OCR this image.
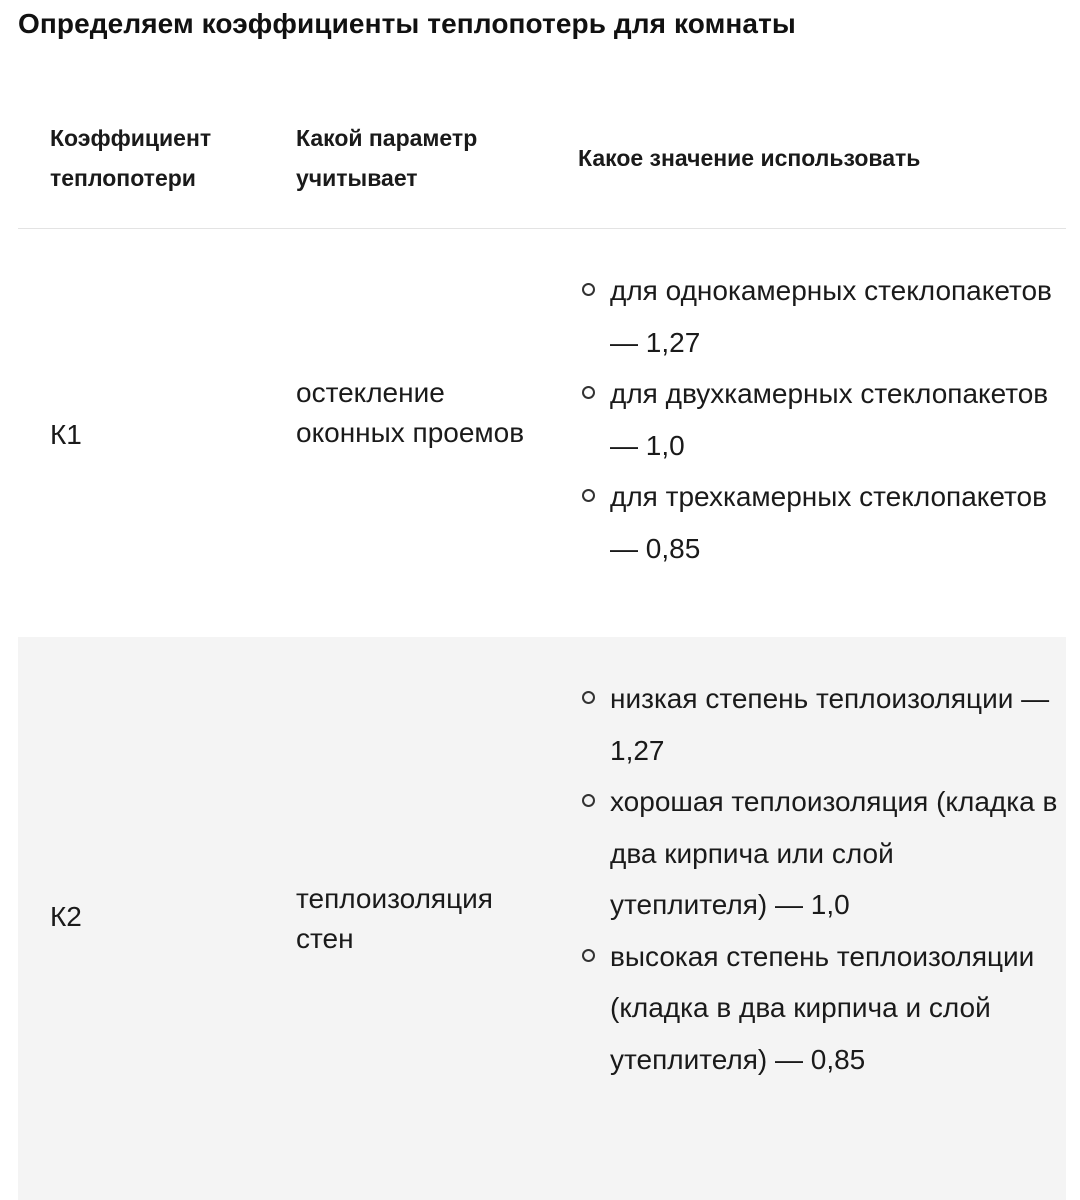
Определяем коэффициенты теплопотерь для комнаты
Коэффициент теплопотери
Какой параметр учитывает
Какое значение использовать
К1
остекление оконных проемов
для однокамерных стеклопакетов — 1,27
для двухкамерных стеклопакетов — 1,0
для трехкамерных стеклопакетов — 0,85
К2
теплоизоляция стен
низкая степень теплоизоляции — 1,27
хорошая теплоизоляция (кладка в два кирпича или слой утеплителя) — 1,0
высокая степень теплоизоляции (кладка в два кирпича и слой утеплителя) — 0,85
